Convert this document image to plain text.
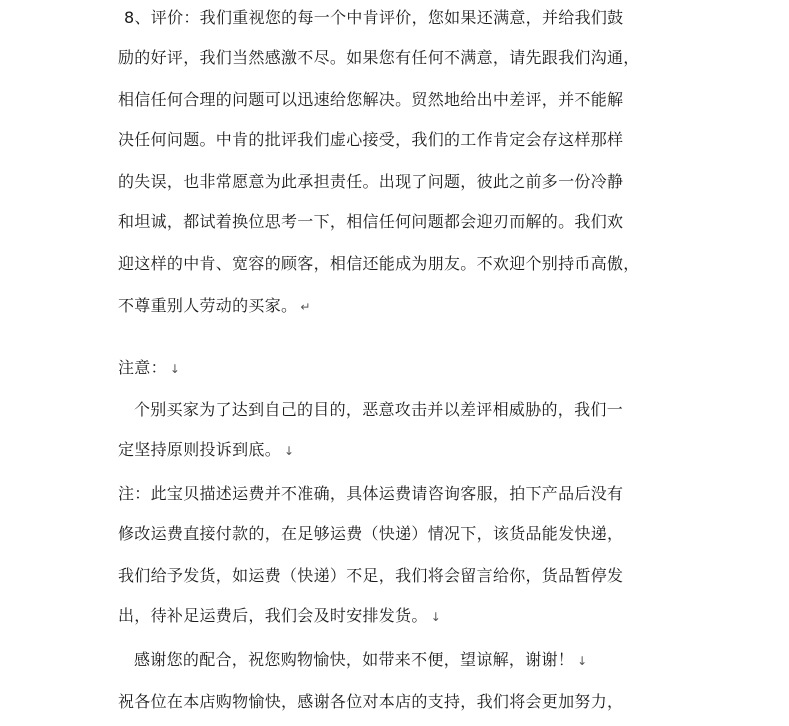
8、评价：我们重视您的每一个中肯评价，您如果还满意，并给我们鼓
励的好评，我们当然感激不尽。如果您有任何不满意，请先跟我们沟通，
相信任何合理的问题可以迅速给您解决。贸然地给出中差评，并不能解
决任何问题。中肯的批评我们虚心接受，我们的工作肯定会存这样那样
的失误，也非常愿意为此承担责任。出现了问题，彼此之前多一份冷静
和坦诚，都试着换位思考一下，相信任何问题都会迎刃而解的。我们欢
迎这样的中肯、宽容的顾客，相信还能成为朋友。不欢迎个别持币高傲，
不尊重别人劳动的买家。 ↵
注意： ↓
个别买家为了达到自己的目的，恶意攻击并以差评相威胁的，我们一
定坚持原则投诉到底。 ↓
注：此宝贝描述运费并不准确，具体运费请咨询客服，拍下产品后没有
修改运费直接付款的，在足够运费（快递）情况下，该货品能发快递，
我们给予发货，如运费（快递）不足，我们将会留言给你，货品暂停发
出，待补足运费后，我们会及时安排发货。 ↓
感谢您的配合，祝您购物愉快，如带来不便，望谅解，谢谢！ ↓
祝各位在本店购物愉快，感谢各位对本店的支持，我们将会更加努力，
